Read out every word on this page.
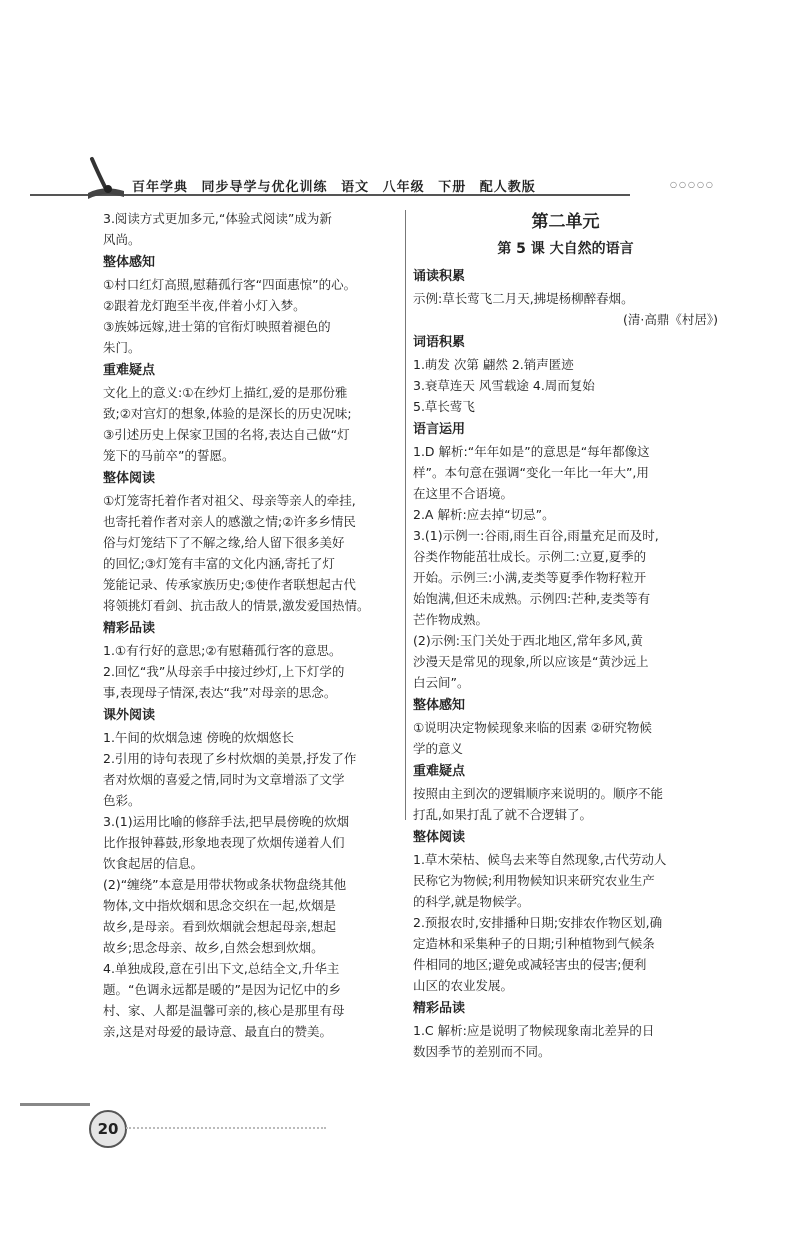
百年学典 同步导学与优化训练 语文 八年级 下册 配人教版	○○○○○
3.阅读方式更加多元,“体验式阅读”成为新
风尚。
整体感知
①村口红灯高照,慰藉孤行客“四面惠惊”的心。
②跟着龙灯跑至半夜,伴着小灯入梦。
③族姊远嫁,进士第的官衔灯映照着褪色的
朱门。
重难疑点
文化上的意义:①在纱灯上描红,爱的是那份雅
致;②对宫灯的想象,体验的是深长的历史况味;
③引述历史上保家卫国的名将,表达自己做“灯
笼下的马前卒”的誓愿。
整体阅读
①灯笼寄托着作者对祖父、母亲等亲人的牵挂,
也寄托着作者对亲人的感激之情;②许多乡情民
俗与灯笼结下了不解之缘,给人留下很多美好
的回忆;③灯笼有丰富的文化内涵,寄托了灯
笼能记录、传承家族历史;⑤使作者联想起古代
将领挑灯看剑、抗击敌人的情景,激发爱国热情。
精彩品读
1.①有行好的意思;②有慰藉孤行客的意思。
2.回忆“我”从母亲手中接过纱灯,上下灯学的
事,表现母子情深,表达“我”对母亲的思念。
课外阅读
1.午间的炊烟急速 傍晚的炊烟悠长
2.引用的诗句表现了乡村炊烟的美景,抒发了作
者对炊烟的喜爱之情,同时为文章增添了文学
色彩。
3.(1)运用比喻的修辞手法,把早晨傍晚的炊烟
比作报钟暮鼓,形象地表现了炊烟传递着人们
饮食起居的信息。
(2)“缠绕”本意是用带状物或条状物盘绕其他
物体,文中指炊烟和思念交织在一起,炊烟是
故乡,是母亲。看到炊烟就会想起母亲,想起
故乡;思念母亲、故乡,自然会想到炊烟。
4.单独成段,意在引出下文,总结全文,升华主
题。“色调永远都是暖的”是因为记忆中的乡
村、家、人都是温馨可亲的,核心是那里有母
亲,这是对母爱的最诗意、最直白的赞美。
第二单元
第 5 课 大自然的语言
诵读积累
示例:草长莺飞二月天,拂堤杨柳醉春烟。
(清·高鼎《村居》)
词语积累
1.萌发 次第 翩然 2.销声匿迹
3.衰草连天 风雪载途 4.周而复始
5.草长莺飞
语言运用
1.D 解析:“年年如是”的意思是“每年都像这
样”。本句意在强调“变化一年比一年大”,用
在这里不合语境。
2.A 解析:应去掉“切忌”。
3.(1)示例一:谷雨,雨生百谷,雨量充足而及时,
谷类作物能茁壮成长。示例二:立夏,夏季的
开始。示例三:小满,麦类等夏季作物籽粒开
始饱满,但还未成熟。示例四:芒种,麦类等有
芒作物成熟。
(2)示例:玉门关处于西北地区,常年多风,黄
沙漫天是常见的现象,所以应该是“黄沙远上
白云间”。
整体感知
①说明决定物候现象来临的因素 ②研究物候
学的意义
重难疑点
按照由主到次的逻辑顺序来说明的。顺序不能
打乱,如果打乱了就不合逻辑了。
整体阅读
1.草木荣枯、候鸟去来等自然现象,古代劳动人
民称它为物候;利用物候知识来研究农业生产
的科学,就是物候学。
2.预报农时,安排播种日期;安排农作物区划,确
定造林和采集种子的日期;引种植物到气候条
件相同的地区;避免或减轻害虫的侵害;便利
山区的农业发展。
精彩品读
1.C 解析:应是说明了物候现象南北差异的日
数因季节的差别而不同。
20
